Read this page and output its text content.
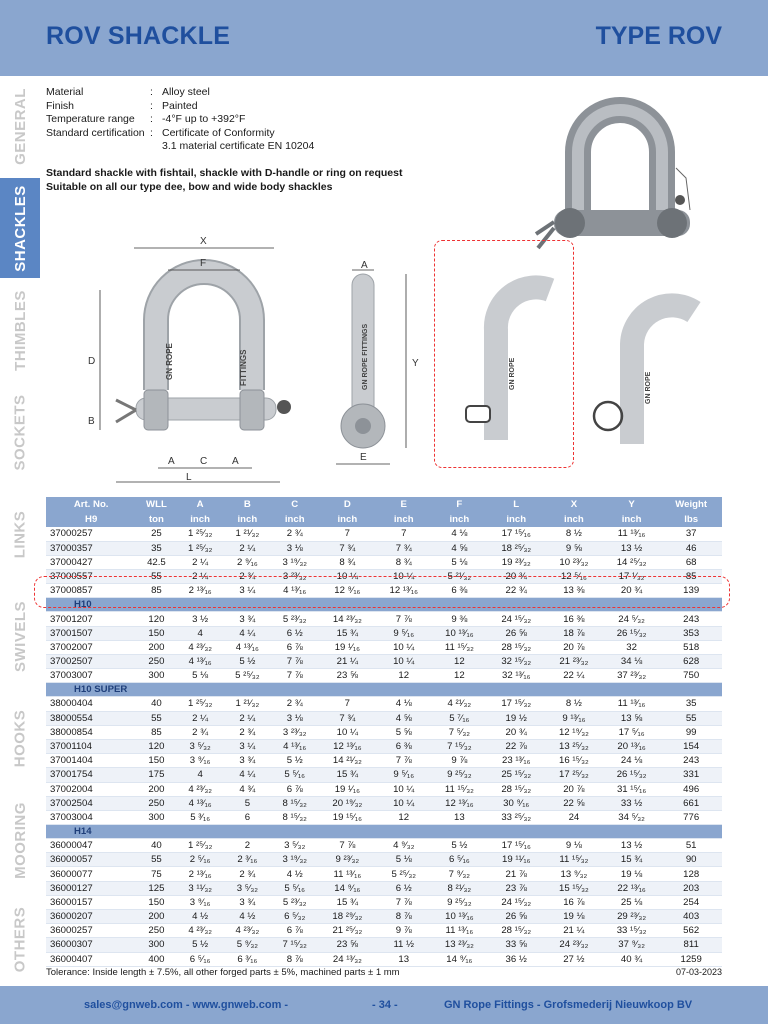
ROV SHACKLE	TYPE ROV
GENERAL
SHACKLES
THIMBLES
SOCKETS
LINKS
SWIVELS
HOOKS
MOORING
OTHERS
Material	: Alloy steel
Finish	: Painted
Temperature range	: -4°F up to +392°F
Standard certification : Certificate of Conformity
3.1 material certificate EN 10204
Standard shackle with fishtail, shackle with D-handle or ring on request
Suitable on all our type dee, bow and wide body shackles
GN ROPE	FITTINGS
X
F
D
B
A	C A
L
GN ROPE FITTINGS
A
Y
E
GN ROPE	GN ROPE
Art. No.	WLL	A	B	C	D	E	F	L	X	Y	Weight
H9	ton	inch	inch	inch	inch	inch	inch	inch	inch	inch	lbs
37000257	25	1 ²⁵⁄₃₂	1 ²¹⁄₃₂	2 ¾	7	7	4 ⅛	17 ¹⁵⁄₁₆	8 ½	11 ¹³⁄₁₆	37
37000357	35	1 ²⁵⁄₃₂	2 ¼	3 ⅛	7 ¾	7 ¾	4 ⅝	18 ²⁵⁄₃₂	9 ⅝	13 ½	46
37000427	42.5	2 ¼	2 ⁹⁄₁₆	3 ¹⁹⁄₃₂	8 ¾	8 ¾	5 ⅛	19 ²³⁄₃₂	10 ²³⁄₃₂	14 ²⁵⁄₃₂	68
37000557	55	2 ¼	2 ¾	3 ²³⁄₃₂	10 ¼	10 ¼	5 ²¹⁄₃₂	20 ¾	12 ⁵⁄₁₆	17 ¹⁄₃₂	85
37000857	85	2 ¹³⁄₁₆	3 ¼	4 ¹³⁄₁₆	12 ⁹⁄₁₆	12 ¹³⁄₁₆	6 ⅜	22 ¾	13 ⅜	20 ¾	139
H10											
37001207	120	3 ½	3 ¾	5 ²³⁄₃₂	14 ²³⁄₃₂	7 ⅞	9 ⅜	24 ¹⁵⁄₃₂	16 ⅜	24 ⁵⁄₃₂	243
37001507	150	4	4 ¼	6 ½	15 ¾	9 ⁵⁄₁₆	10 ¹³⁄₁₆	26 ⅝	18 ⅞	26 ¹⁵⁄₃₂	353
37002007	200	4 ²³⁄₃₂	4 ¹³⁄₁₆	6 ⅞	19 ¹⁄₁₆	10 ¼	11 ¹⁵⁄₃₂	28 ¹⁵⁄₃₂	20 ⅞	32	518
37002507	250	4 ¹³⁄₁₆	5 ½	7 ⅞	21 ¼	10 ¼	12	32 ¹⁵⁄₃₂	21 ²³⁄₃₂	34 ⅛	628
37003007	300	5 ⅛	5 ²⁵⁄₃₂	7 ⅞	23 ⅝	12	12	32 ¹³⁄₁₆	22 ¼	37 ²³⁄₃₂	750
H10 SUPER											
38000404	40	1 ²⁵⁄₃₂	1 ²¹⁄₃₂	2 ¾	7	4 ⅛	4 ²¹⁄₃₂	17 ¹⁵⁄₃₂	8 ½	11 ¹³⁄₁₆	35
38000554	55	2 ¼	2 ¼	3 ⅛	7 ¾	4 ⅝	5 ⁷⁄₁₆	19 ½	9 ¹³⁄₁₆	13 ⅝	55
38000854	85	2 ¾	2 ¾	3 ²³⁄₃₂	10 ¼	5 ⅝	7 ⁵⁄₃₂	20 ¾	12 ¹⁹⁄₃₂	17 ⁵⁄₁₆	99
37001104	120	3 ⁵⁄₃₂	3 ¼	4 ¹³⁄₁₆	12 ¹³⁄₁₆	6 ⅜	7 ¹⁵⁄₃₂	22 ⅞	13 ²⁵⁄₃₂	20 ¹³⁄₁₆	154
37001404	150	3 ⁹⁄₁₆	3 ¾	5 ½	14 ²¹⁄₃₂	7 ⅞	9 ⅞	23 ¹³⁄₁₆	16 ¹⁵⁄₃₂	24 ⅛	243
37001754	175	4	4 ¼	5 ⁵⁄₁₆	15 ¾	9 ⁵⁄₁₆	9 ²⁵⁄₃₂	25 ¹⁵⁄₃₂	17 ²⁵⁄₃₂	26 ¹⁵⁄₃₂	331
37002004	200	4 ²³⁄₃₂	4 ¾	6 ⅞	19 ¹⁄₁₆	10 ¼	11 ¹⁵⁄₃₂	28 ¹⁵⁄₃₂	20 ⅞	31 ¹⁵⁄₁₆	496
37002504	250	4 ¹³⁄₁₆	5	8 ¹⁵⁄₃₂	20 ¹⁹⁄₃₂	10 ¼	12 ¹³⁄₁₆	30 ⁹⁄₁₆	22 ⅝	33 ½	661
37003004	300	5 ³⁄₁₆	6	8 ¹⁵⁄₃₂	19 ¹⁵⁄₁₆	12	13	33 ²⁵⁄₃₂	24	34 ⁵⁄₃₂	776
H14											
36000047	40	1 ²⁵⁄₃₂	2	3 ⁵⁄₃₂	7 ⅞	4 ⁹⁄₃₂	5 ½	17 ¹⁵⁄₁₆	9 ⅛	13 ½	51
36000057	55	2 ⁵⁄₁₆	2 ³⁄₁₆	3 ¹⁹⁄₃₂	9 ²³⁄₃₂	5 ⅛	6 ⁵⁄₁₆	19 ¹¹⁄₁₆	11 ¹⁵⁄₃₂	15 ¾	90
36000077	75	2 ¹³⁄₁₆	2 ¾	4 ½	11 ¹³⁄₁₆	5 ²⁵⁄₃₂	7 ⁹⁄₃₂	21 ⅞	13 ⁹⁄₃₂	19 ⅛	128
36000127	125	3 ¹¹⁄₃₂	3 ⁵⁄₃₂	5 ⁵⁄₁₆	14 ⁹⁄₁₆	6 ½	8 ²¹⁄₃₂	23 ⅞	15 ¹⁵⁄₃₂	22 ¹³⁄₁₆	203
36000157	150	3 ⁹⁄₁₆	3 ¾	5 ²³⁄₃₂	15 ¾	7 ⅞	9 ²⁵⁄₃₂	24 ¹⁵⁄₃₂	16 ⅞	25 ⅛	254
36000207	200	4 ½	4 ½	6 ⁵⁄₃₂	18 ²⁹⁄₃₂	8 ⅞	10 ¹³⁄₁₆	26 ⅝	19 ⅛	29 ²³⁄₃₂	403
36000257	250	4 ²³⁄₃₂	4 ²³⁄₃₂	6 ⅞	21 ²⁵⁄₃₂	9 ⅞	11 ¹³⁄₁₆	28 ¹⁵⁄₃₂	21 ¼	33 ¹⁵⁄₃₂	562
36000307	300	5 ½	5 ⁹⁄₃₂	7 ¹⁵⁄₃₂	23 ⅝	11 ½	13 ²³⁄₃₂	33 ⅝	24 ²³⁄₃₂	37 ⁹⁄₃₂	811
36000407	400	6 ⁵⁄₁₆	6 ³⁄₁₆	8 ⅞	24 ¹³⁄₃₂	13	14 ⁹⁄₁₆	36 ½	27 ½	40 ¾	1259
Tolerance: Inside length ± 7.5%, all other forged parts ± 5%, machined parts ± 1 mm	07-03-2023
sales@gnweb.com - www.gnweb.com -	- 34 -	GN Rope Fittings - Grofsmederij Nieuwkoop BV
